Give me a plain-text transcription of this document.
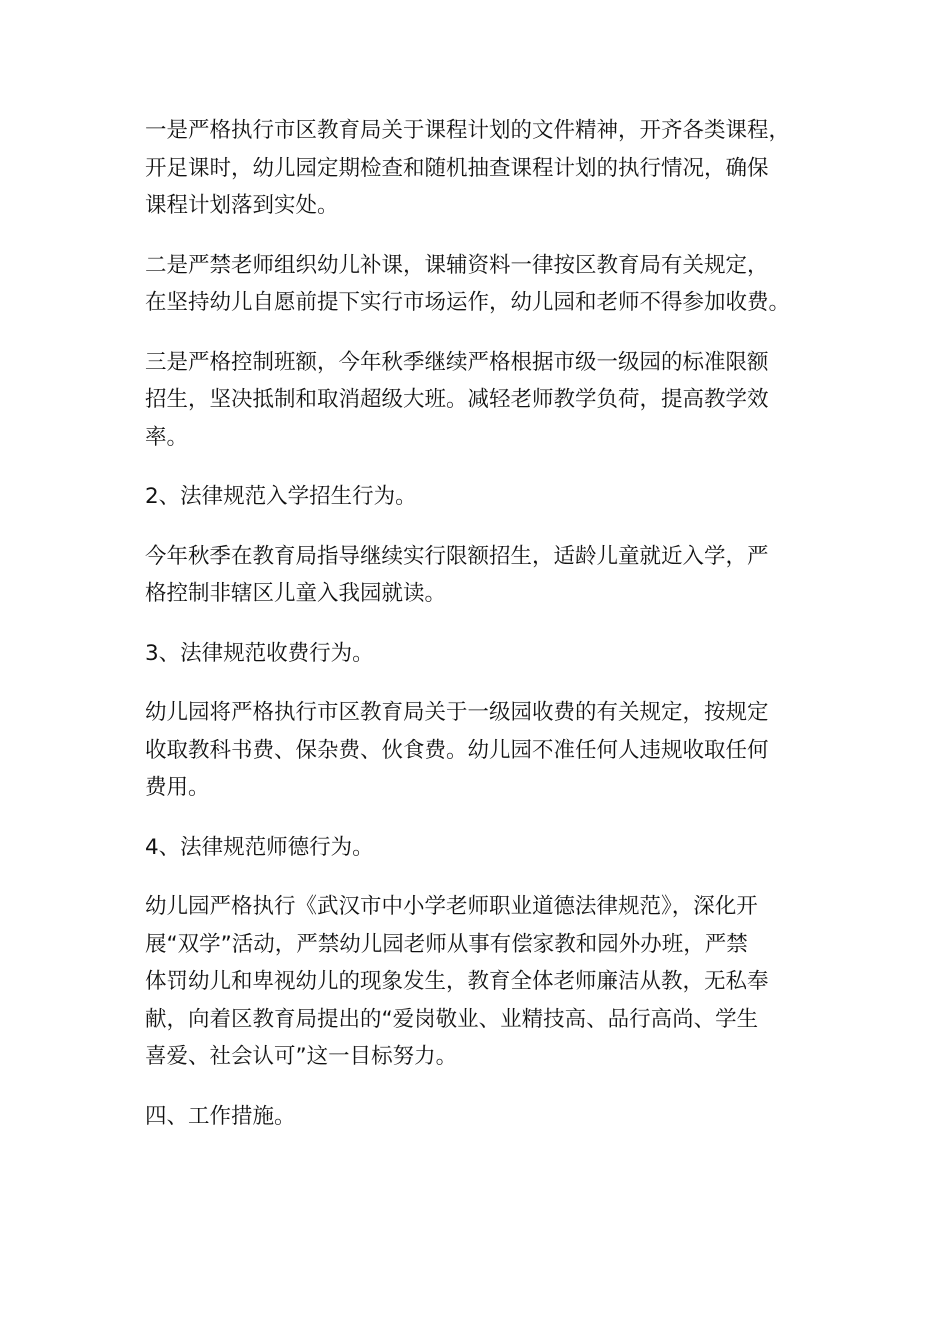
一是严格执行市区教育局关于课程计划的文件精神，开齐各类课程，
开足课时，幼儿园定期检查和随机抽查课程计划的执行情况，确保
课程计划落到实处。

二是严禁老师组织幼儿补课，课辅资料一律按区教育局有关规定，
在坚持幼儿自愿前提下实行市场运作，幼儿园和老师不得参加收费。

三是严格控制班额，今年秋季继续严格根据市级一级园的标准限额
招生，坚决抵制和取消超级大班。减轻老师教学负荷，提高教学效
率。

2、法律规范入学招生行为。

今年秋季在教育局指导继续实行限额招生，适龄儿童就近入学，严
格控制非辖区儿童入我园就读。

3、法律规范收费行为。

幼儿园将严格执行市区教育局关于一级园收费的有关规定，按规定
收取教科书费、保杂费、伙食费。幼儿园不准任何人违规收取任何
费用。

4、法律规范师德行为。

幼儿园严格执行《武汉市中小学老师职业道德法律规范》，深化开
展“双学”活动，严禁幼儿园老师从事有偿家教和园外办班，严禁
体罚幼儿和卑视幼儿的现象发生，教育全体老师廉洁从教，无私奉
献，向着区教育局提出的“爱岗敬业、业精技高、品行高尚、学生
喜爱、社会认可”这一目标努力。

四、工作措施。
